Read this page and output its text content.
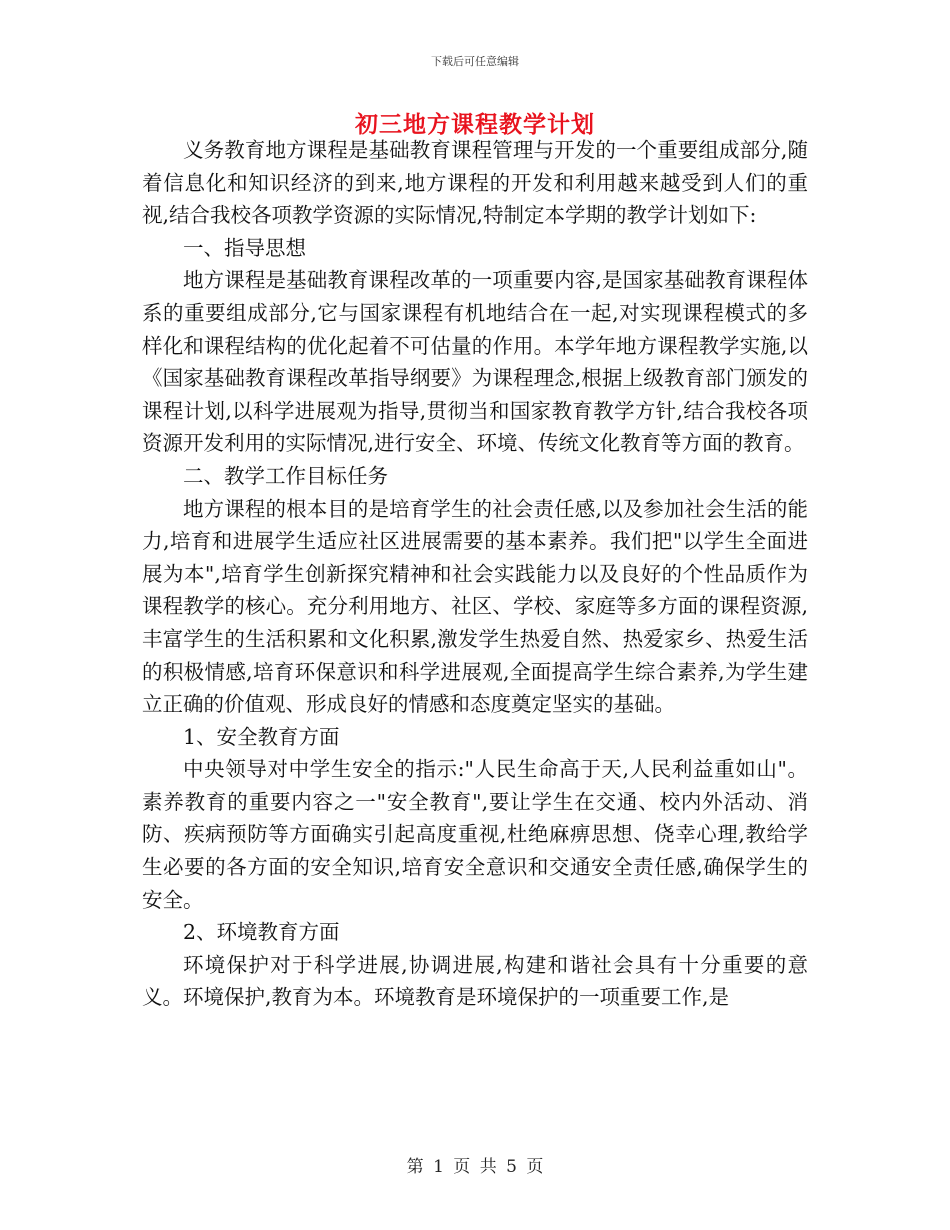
下载后可任意编辑
初三地方课程教学计划

义务教育地方课程是基础教育课程管理与开发的一个重要组成部分,随着信息化和知识经济的到来,地方课程的开发和利用越来越受到人们的重视,结合我校各项教学资源的实际情况,特制定本学期的教学计划如下:

一、指导思想

地方课程是基础教育课程改革的一项重要内容,是国家基础教育课程体系的重要组成部分,它与国家课程有机地结合在一起,对实现课程模式的多样化和课程结构的优化起着不可估量的作用。本学年地方课程教学实施,以《国家基础教育课程改革指导纲要》为课程理念,根据上级教育部门颁发的课程计划,以科学进展观为指导,贯彻当和国家教育教学方针,结合我校各项资源开发利用的实际情况,进行安全、环境、传统文化教育等方面的教育。

二、教学工作目标任务

地方课程的根本目的是培育学生的社会责任感,以及参加社会生活的能力,培育和进展学生适应社区进展需要的基本素养。我们把"以学生全面进展为本",培育学生创新探究精神和社会实践能力以及良好的个性品质作为课程教学的核心。充分利用地方、社区、学校、家庭等多方面的课程资源,丰富学生的生活积累和文化积累,激发学生热爱自然、热爱家乡、热爱生活的积极情感,培育环保意识和科学进展观,全面提高学生综合素养,为学生建立正确的价值观、形成良好的情感和态度奠定坚实的基础。

1、安全教育方面

中央领导对中学生安全的指示:"人民生命高于天,人民利益重如山"。素养教育的重要内容之一"安全教育",要让学生在交通、校内外活动、消防、疾病预防等方面确实引起高度重视,杜绝麻痹思想、侥幸心理,教给学生必要的各方面的安全知识,培育安全意识和交通安全责任感,确保学生的安全。

2、环境教育方面

环境保护对于科学进展,协调进展,构建和谐社会具有十分重要的意义。环境保护,教育为本。环境教育是环境保护的一项重要工作,是

第 1 页 共 5 页
